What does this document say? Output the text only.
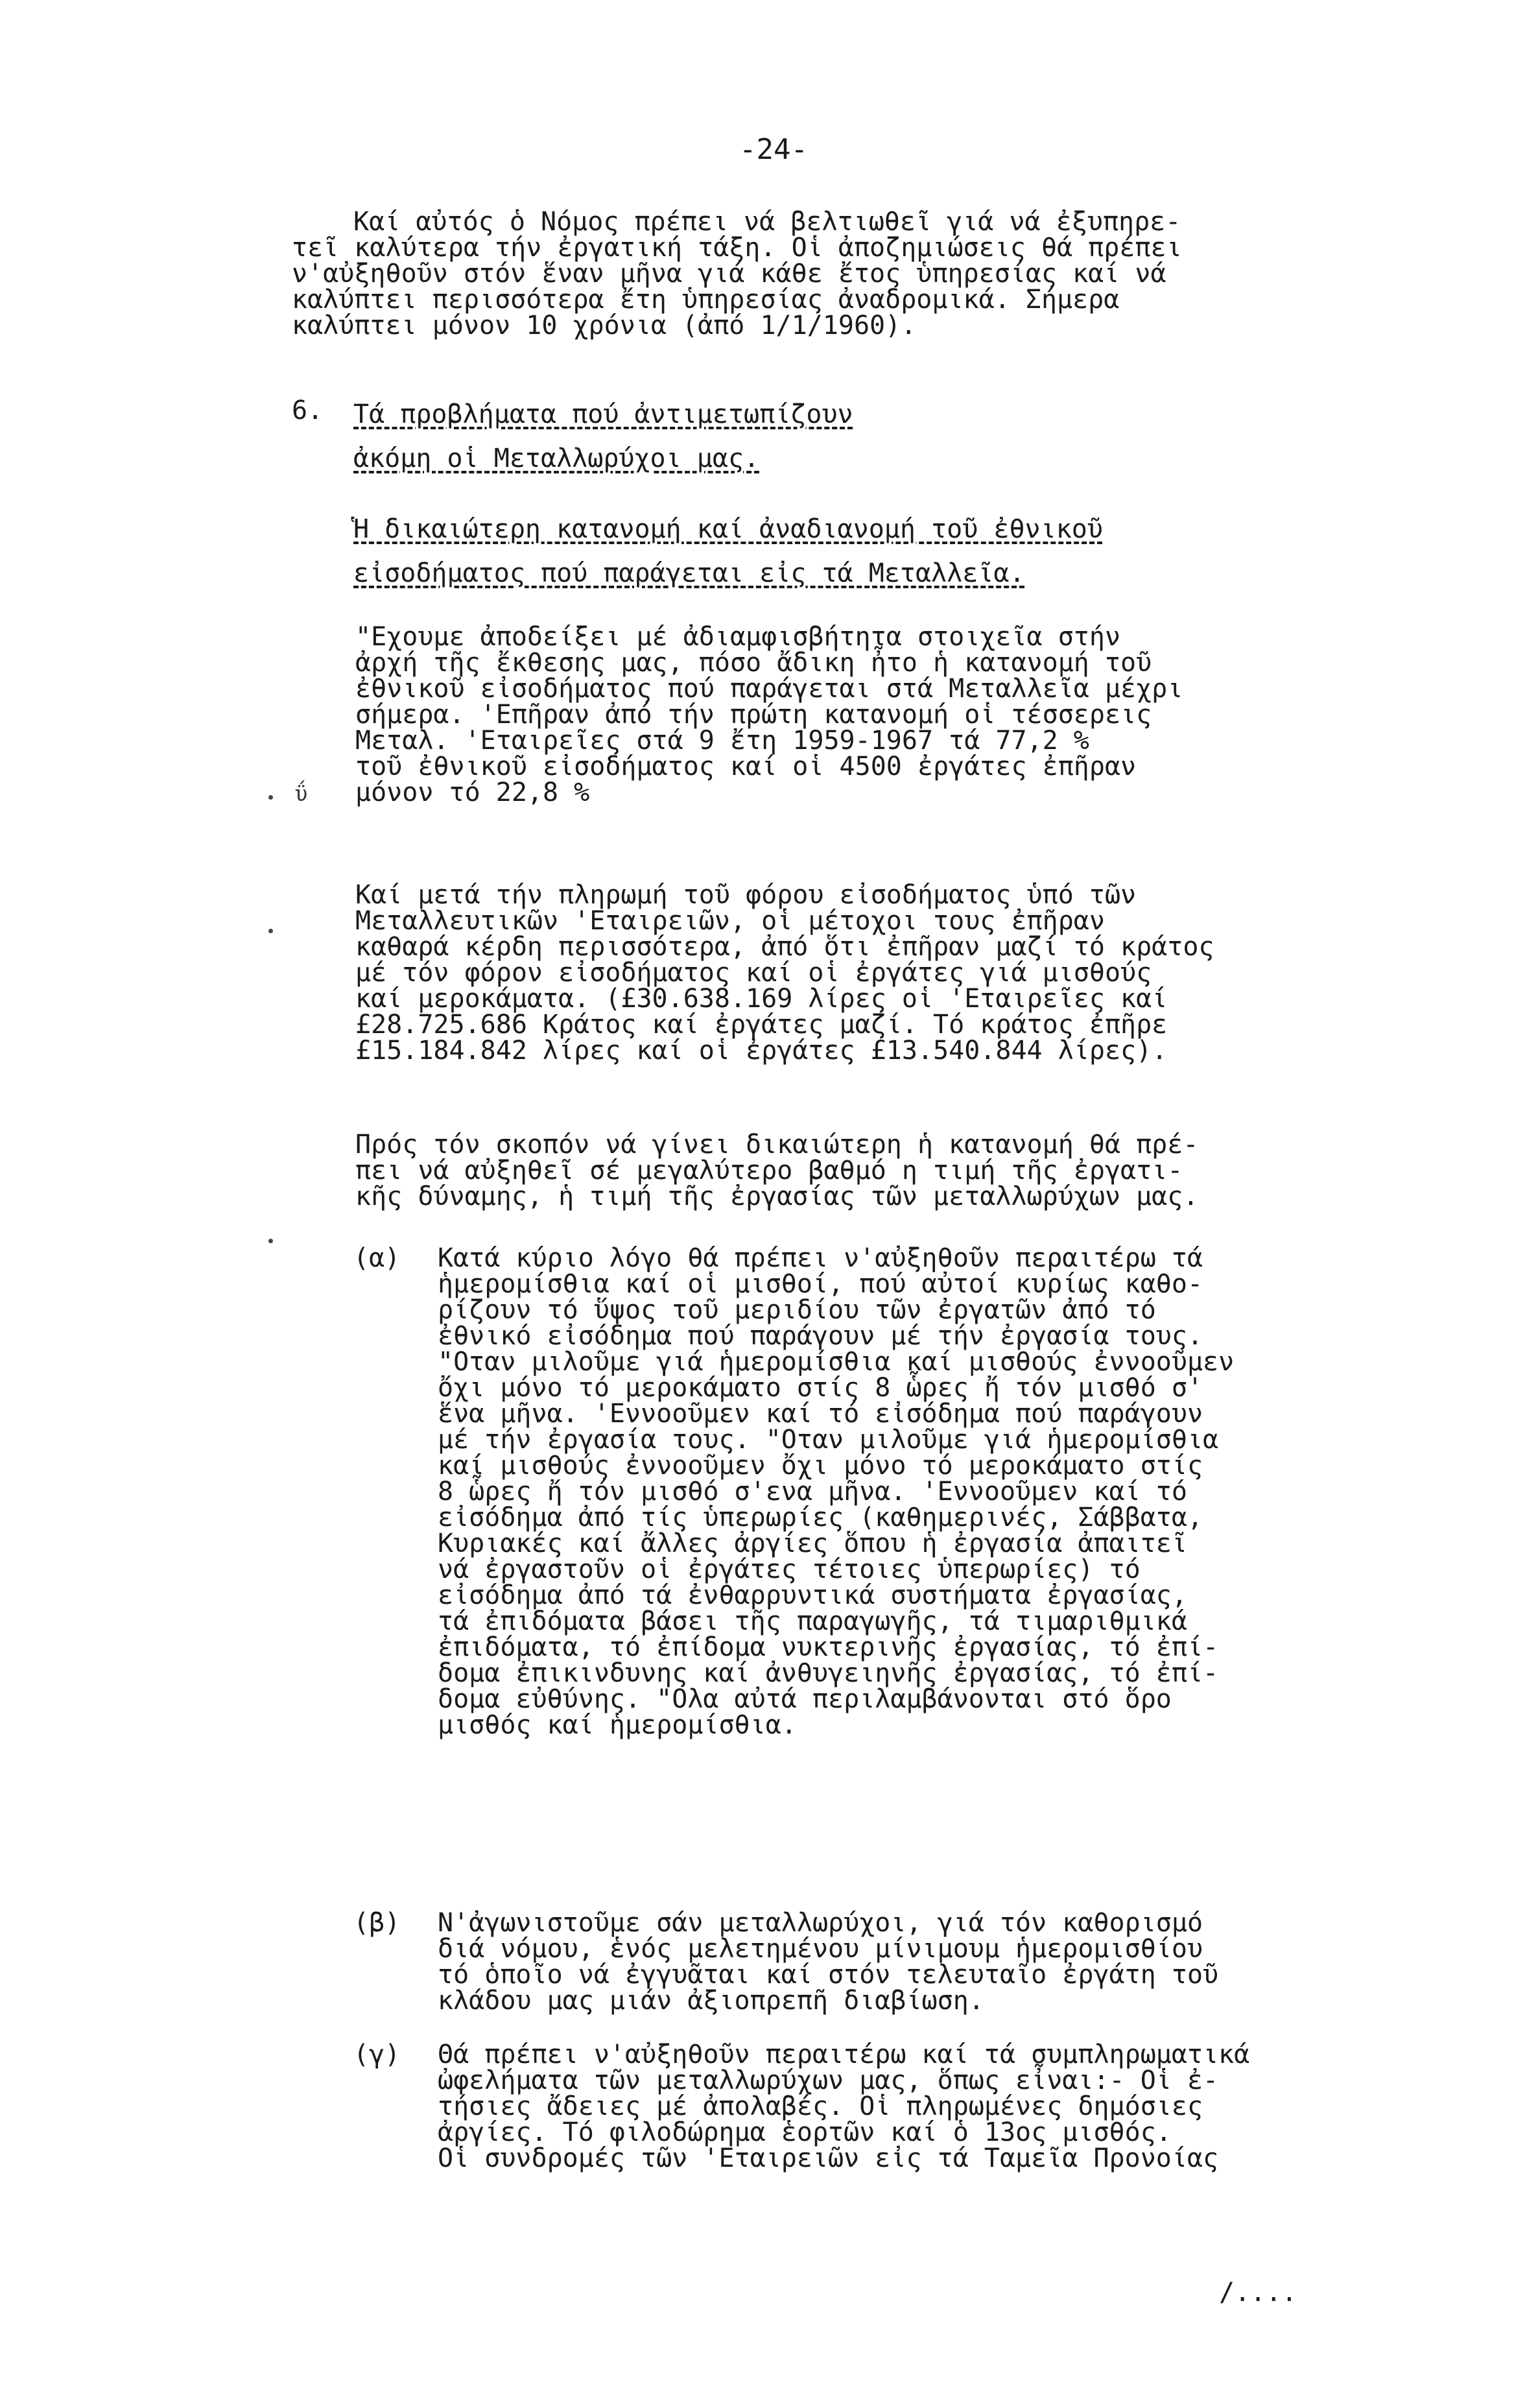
-24-
Καί αὐτός ὁ Νόμος πρέπει νά βελτιωθεῖ γιά νά ἐξυπηρε-
τεῖ καλύτερα τήν ἐργατική τάξη. Οἱ ἀποζημιώσεις θά πρέπει
ν'αὐξηθοῦν στόν ἕναν μῆνα γιά κάθε ἔτος ὑπηρεσίας καί νά
καλύπτει περισσότερα ἔτη ὑπηρεσίας ἀναδρομικά. Σήμερα
καλύπτει μόνον 10 χρόνια (ἀπό 1/1/1960).
6. Τά προβλήματα πού ἀντιμετωπίζουν
ἀκόμη οἱ Μεταλλωρύχοι μας.
Ἡ δικαιώτερη κατανομή καί ἀναδιανομή τοῦ ἐθνικοῦ
εἰσοδήματος πού παράγεται εἰς τά Μεταλλεῖα.
"Εχουμε ἀποδείξει μέ ἀδιαμφισβήτητα στοιχεῖα στήν
ἀρχή τῆς ἔκθεσης μας, πόσο ἄδικη ἦτο ἡ κατανομή τοῦ
ἐθνικοῦ εἰσοδήματος πού παράγεται στά Μεταλλεῖα μέχρι
σήμερα. 'Επῆραν ἀπό τήν πρώτη κατανομή οἱ τέσσερεις
Μεταλ. 'Εταιρεῖες στά 9 ἔτη 1959-1967 τά 77,2 %
τοῦ ἐθνικοῦ εἰσοδήματος καί οἱ 4500 ἐργάτες ἐπῆραν
μόνον τό 22,8 %
ΰ
Καί μετά τήν πληρωμή τοῦ φόρου εἰσοδήματος ὑπό τῶν
Μεταλλευτικῶν 'Εταιρειῶν, οἱ μέτοχοι τους ἐπῆραν
καθαρά κέρδη περισσότερα, ἀπό ὅτι ἐπῆραν μαζί τό κράτος
μέ τόν φόρον εἰσοδήματος καί οἱ ἐργάτες γιά μισθούς
καί μεροκάματα. (£30.638.169 λίρες οἱ 'Εταιρεῖες καί
£28.725.686 Κράτος καί ἐργάτες μαζί. Τό κράτος ἐπῆρε
£15.184.842 λίρες καί οἱ ἐργάτες £13.540.844 λίρες).
Πρός τόν σκοπόν νά γίνει δικαιώτερη ἡ κατανομή θά πρέ-
πει νά αὐξηθεῖ σέ μεγαλύτερο βαθμό η τιμή τῆς ἐργατι-
κῆς δύναμης, ἡ τιμή τῆς ἐργασίας τῶν μεταλλωρύχων μας.
(α) Κατά κύριο λόγο θά πρέπει ν'αὐξηθοῦν περαιτέρω τά
ἡμερομίσθια καί οἱ μισθοί, πού αὐτοί κυρίως καθο-
ρίζουν τό ὕψος τοῦ μεριδίου τῶν ἐργατῶν ἀπό τό
ἐθνικό εἰσόδημα πού παράγουν μέ τήν ἐργασία τους.
"Οταν μιλοῦμε γιά ἡμερομίσθια καί μισθούς ἐννοοῦμεν
ὄχι μόνο τό μεροκάματο στίς 8 ὧρες ἤ τόν μισθό σ'
ἕνα μῆνα. 'Εννοοῦμεν καί τό εἰσόδημα πού παράγουν
μέ τήν ἐργασία τους. "Οταν μιλοῦμε γιά ἡμερομίσθια
καί μισθούς ἐννοοῦμεν ὄχι μόνο τό μεροκάματο στίς
8 ὧρες ἤ τόν μισθό σ'ενα μῆνα. 'Εννοοῦμεν καί τό
εἰσόδημα ἀπό τίς ὑπερωρίες (καθημερινές, Σάββατα,
Κυριακές καί ἄλλες ἀργίες ὅπου ἡ ἐργασία ἀπαιτεῖ
νά ἐργαστοῦν οἱ ἐργάτες τέτοιες ὑπερωρίες) τό
εἰσόδημα ἀπό τά ἐνθαρρυντικά συστήματα ἐργασίας,
τά ἐπιδόματα βάσει τῆς παραγωγῆς, τά τιμαριθμικά
ἐπιδόματα, τό ἐπίδομα νυκτερινῆς ἐργασίας, τό ἐπί-
δομα ἐπικινδυνης καί ἀνθυγειηνῆς ἐργασίας, τό ἐπί-
δομα εὐθύνης. "Ολα αὐτά περιλαμβάνονται στό ὅρο
μισθός καί ἡμερομίσθια.
(β) Ν'ἀγωνιστοῦμε σάν μεταλλωρύχοι, γιά τόν καθορισμό
διά νόμου, ἑνός μελετημένου μίνιμουμ ἡμερομισθίου
τό ὁποῖο νά ἐγγυᾶται καί στόν τελευταῖο ἐργάτη τοῦ
κλάδου μας μιάν ἀξιοπρεπῆ διαβίωση.
(γ) Θά πρέπει ν'αὐξηθοῦν περαιτέρω καί τά συμπληρωματικά
ὠφελήματα τῶν μεταλλωρύχων μας, ὅπως εἶναι:- Οἱ ἐ-
τήσιες ἄδειες μέ ἀπολαβές. Οἱ πληρωμένες δημόσιες
ἀργίες. Τό φιλοδώρημα ἑορτῶν καί ὁ 13ος μισθός.
Οἱ συνδρομές τῶν 'Εταιρειῶν εἰς τά Ταμεῖα Προνοίας
/....
